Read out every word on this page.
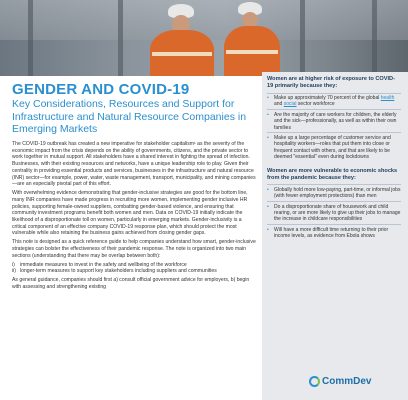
GENDER AND COVID-19
Key Considerations, Resources and Support for Infrastructure and Natural Resource Companies in Emerging Markets

The COVID-19 outbreak has created a new imperative for stakeholder capitalism¹ as the severity of the economic impact from the crisis depends on the ability of governments, citizens, and the private sector to work together in mutual support. All stakeholders have a shared interest in fighting the spread of infection. Businesses, with their existing resources and networks, have a unique leadership role to play. Given their centrality in providing essential products and services, businesses in the infrastructure and natural resource (INR) sector—for example, power, water, waste management, transport, municipality, and mining companies—are an especially pivotal part of this effort.

With overwhelming evidence demonstrating that gender-inclusive strategies are good for the bottom line, many INR companies have made progress in recruiting more women, implementing gender inclusive HR policies, supporting female-owned suppliers, combatting gender-based violence, and ensuring that community investment programs benefit both women and men. Data on COVID-19 initially indicate the likelihood of a disproportionate toll on women, particularly in emerging markets. Gender-inclusivity is a critical component of an effective company COVID-19 response plan, which should protect the most vulnerable while also retaining the business gains achieved from closing gender gaps.

This note is designed as a quick reference guide to help companies understand how smart, gender-inclusive strategies can bolster the effectiveness of their pandemic response. The note is organized into two main sections (understanding that there may be overlap between both):

i)	immediate measures to invest in the safety and wellbeing of the workforce
ii) longer-term measures to support key stakeholders including suppliers and communities

As general guidance, companies should first a) consult official government advice for employers, b) begin with assessing and strengthening existing

Women are at higher risk of exposure to COVID-19 primarily because they:
•	Make up approximately 70 percent of the global health and social sector workforce
•	Are the majority of care workers for children, the elderly and the sick—professionally, as well as within their own families
•	Make up a large percentage of customer service and hospitality workers—roles that put them into close or frequent contact with others, and that are likely to be deemed "essential" even during lockdowns
Women are more vulnerable to economic shocks from the pandemic because they:
•	Globally hold more low-paying, part-time, or informal jobs (with fewer employment protections) than men
•	Do a disproportionate share of housework and child rearing, or are more likely to give up their jobs to manage the increase in childcare responsibilities
•	Will have a more difficult time returning to their prior income levels, as evidence from Ebola shows
CommDev
